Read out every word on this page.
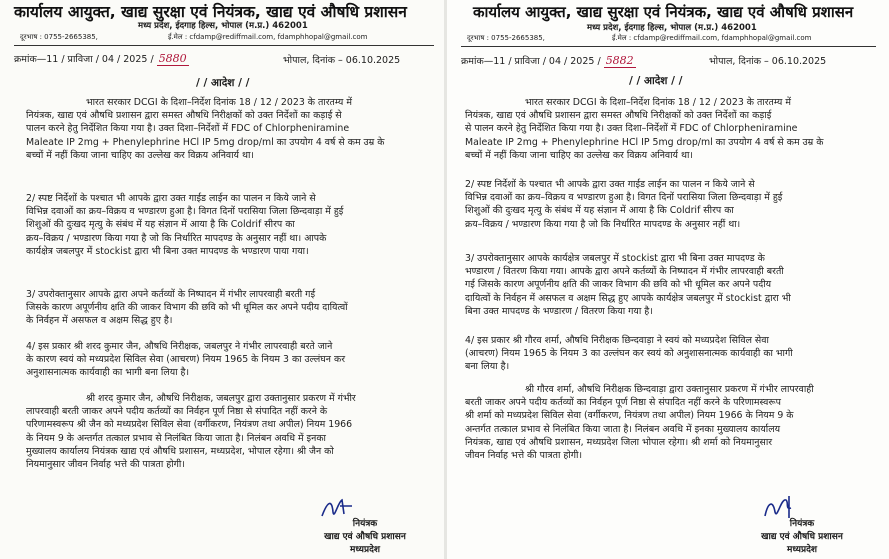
कार्यालय आयुक्त, खाद्य सुरक्षा एवं नियंत्रक, खाद्य एवं औषधि प्रशासन
मध्य प्रदेश, ईदगाह हिल्स, भोपाल (म.प्र.) 462001
दूरभाष : 0755-2665385,	ई.मेल : cfdamp@rediffmail.com, fdamphhopal@gmail.com
क्रमांक—11 / प्राविजा / 04 / 2025 / 5880	भोपाल, दिनांक – 06.10.2025
/ / आदेश / /
भारत सरकार DCGI के दिशा–निर्देश दिनांक 18 / 12 / 2023 के तारतम्य में
नियंत्रक, खाद्य एवं औषधि प्रशासन द्वारा समस्त औषधि निरीक्षकों को उक्त निर्देशों का कड़ाई से
पालन करने हेतु निर्देशित किया गया है। उक्त दिशा–निर्देशों में FDC of Chlorpheniramine
Maleate IP 2mg + Phenylephrine HCl IP 5mg drop/ml का उपयोग 4 वर्ष से कम उम्र के
बच्चों में नहीं किया जाना चाहिए का उल्लेख कर विक्रय अनिवार्य था।
2/ स्पष्ट निर्देशों के पश्चात भी आपके द्वारा उक्त गाईड लाईन का पालन न किये जाने से
विभिन्न दवाओं का क्रय–विक्रय व भण्डारण हुआ है। विगत दिनों परासिया जिला छिन्दवाड़ा में हुई
शिशुओं की दुःखद मृत्यु के संबंध में यह संज्ञान में आया है कि Coldrif सीरप का
क्रय–विक्रय / भण्डारण किया गया है जो कि निर्धारित मापदण्ड के अनुसार नहीं था। आपके
कार्यक्षेत्र जबलपुर में stockist द्वारा भी बिना उक्त मापदण्ड के भण्डारण पाया गया।
3/ उपरोक्तानुसार आपके द्वारा अपने कर्तव्यों के निष्पादन में गंभीर लापरवाही बरती गई
जिसके कारण अपूर्णनीय क्षति की जाकर विभाग की छवि को भी धूमिल कर अपने पदीय दायित्वों
के निर्वहन में असफल व अक्षम सिद्ध हुए है।
4/ इस प्रकार श्री शरद कुमार जैन, औषधि निरीक्षक, जबलपुर ने गंभीर लापरवाही बरते जाने
के कारण स्वयं को मध्यप्रदेश सिविल सेवा (आचरण) नियम 1965 के नियम 3 का उल्लंघन कर
अनुशासनात्मक कार्यवाही का भागी बना लिया है।
श्री शरद कुमार जैन, औषधि निरीक्षक, जबलपुर द्वारा उक्तानुसार प्रकरण में गंभीर
लापरवाही बरती जाकर अपने पदीय कर्तव्यों का निर्वहन पूर्ण निष्ठा से संपादित नहीं करने के
परिणामस्वरूप श्री जैन को मध्यप्रदेश सिविल सेवा (वर्गीकरण, नियंत्रण तथा अपील) नियम 1966
के नियम 9 के अन्तर्गत तत्काल प्रभाव से निलंबित किया जाता है। निलंबन अवधि में इनका
मुख्यालय कार्यालय नियंत्रक खाद्य एवं औषधि प्रशासन, मध्यप्रदेश, भोपाल रहेगा। श्री जैन को
नियमानुसार जीवन निर्वाह भत्ते की पात्रता होगी।
नियंत्रक
खाद्य एवं औषधि प्रशासन
मध्यप्रदेश
कार्यालय आयुक्त, खाद्य सुरक्षा एवं नियंत्रक, खाद्य एवं औषधि प्रशासन
मध्य प्रदेश, ईदगाह हिल्स, भोपाल (म.प्र.) 462001
दूरभाष : 0755-2665385,	ई.मेल : cfdamp@rediffmail.com, fdamphhopal@gmail.com
क्रमांक—11 / प्राविजा / 04 / 2025 / 5882	भोपाल, दिनांक – 06.10.2025
/ / आदेश / /
भारत सरकार DCGI के दिशा–निर्देश दिनांक 18 / 12 / 2023 के तारतम्य में
नियंत्रक, खाद्य एवं औषधि प्रशासन द्वारा समस्त औषधि निरीक्षकों को उक्त निर्देशों का कड़ाई
से पालन करने हेतु निर्देशित किया गया है। उक्त दिशा–निर्देशों में FDC of Chlorpheniramine
Maleate IP 2mg + Phenylephrine HCl IP 5mg drop/ml का उपयोग 4 वर्ष से कम उम्र के
बच्चों में नहीं किया जाना चाहिए का उल्लेख कर विक्रय अनिवार्य था।
2/ स्पष्ट निर्देशों के पश्चात भी आपके द्वारा उक्त गाईड लाईन का पालन न किये जाने से
विभिन्न दवाओं का क्रय–विक्रय व भण्डारण हुआ है। विगत दिनों परासिया जिला छिन्दवाड़ा में हुई
शिशुओं की दुःखद मृत्यु के संबंध में यह संज्ञान में आया है कि Coldrif सीरप का
क्रय–विक्रय / भण्डारण किया गया है जो कि निर्धारित मापदण्ड के अनुसार नहीं था।
3/ उपरोक्तानुसार आपके कार्यक्षेत्र जबलपुर में stockist द्वारा भी बिना उक्त मापदण्ड के
भण्डारण / वितरण किया गया। आपके द्वारा अपने कर्तव्यों के निष्पादन में गंभीर लापरवाही बरती
गई जिसके कारण अपूर्णनीय क्षति की जाकर विभाग की छवि को भी धूमिल कर अपने पदीय
दायित्वों के निर्वहन में असफल व अक्षम सिद्ध हुए आपके कार्यक्षेत्र जबलपुर में stockist द्वारा भी
बिना उक्त मापदण्ड के भण्डारण / वितरण किया गया है।
4/ इस प्रकार श्री गौरव शर्मा, औषधि निरीक्षक छिन्दवाड़ा ने स्वयं को मध्यप्रदेश सिविल सेवा
(आचरण) नियम 1965 के नियम 3 का उल्लंघन कर स्वयं को अनुशासनात्मक कार्यवाही का भागी
बना लिया है।
श्री गौरव शर्मा, औषधि निरीक्षक छिन्दवाड़ा द्वारा उक्तानुसार प्रकरण में गंभीर लापरवाही
बरती जाकर अपने पदीय कर्तव्यों का निर्वहन पूर्ण निष्ठा से संपादित नहीं करने के परिणामस्वरूप
श्री शर्मा को मध्यप्रदेश सिविल सेवा (वर्गीकरण, नियंत्रण तथा अपील) नियम 1966 के नियम 9 के
अन्तर्गत तत्काल प्रभाव से निलंबित किया जाता है। निलंबन अवधि में इनका मुख्यालय कार्यालय
नियंत्रक, खाद्य एवं औषधि प्रशासन, मध्यप्रदेश जिला भोपाल रहेगा। श्री शर्मा को नियमानुसार
जीवन निर्वाह भत्ते की पात्रता होगी।
नियंत्रक
खाद्य एवं औषधि प्रशासन
मध्यप्रदेश
